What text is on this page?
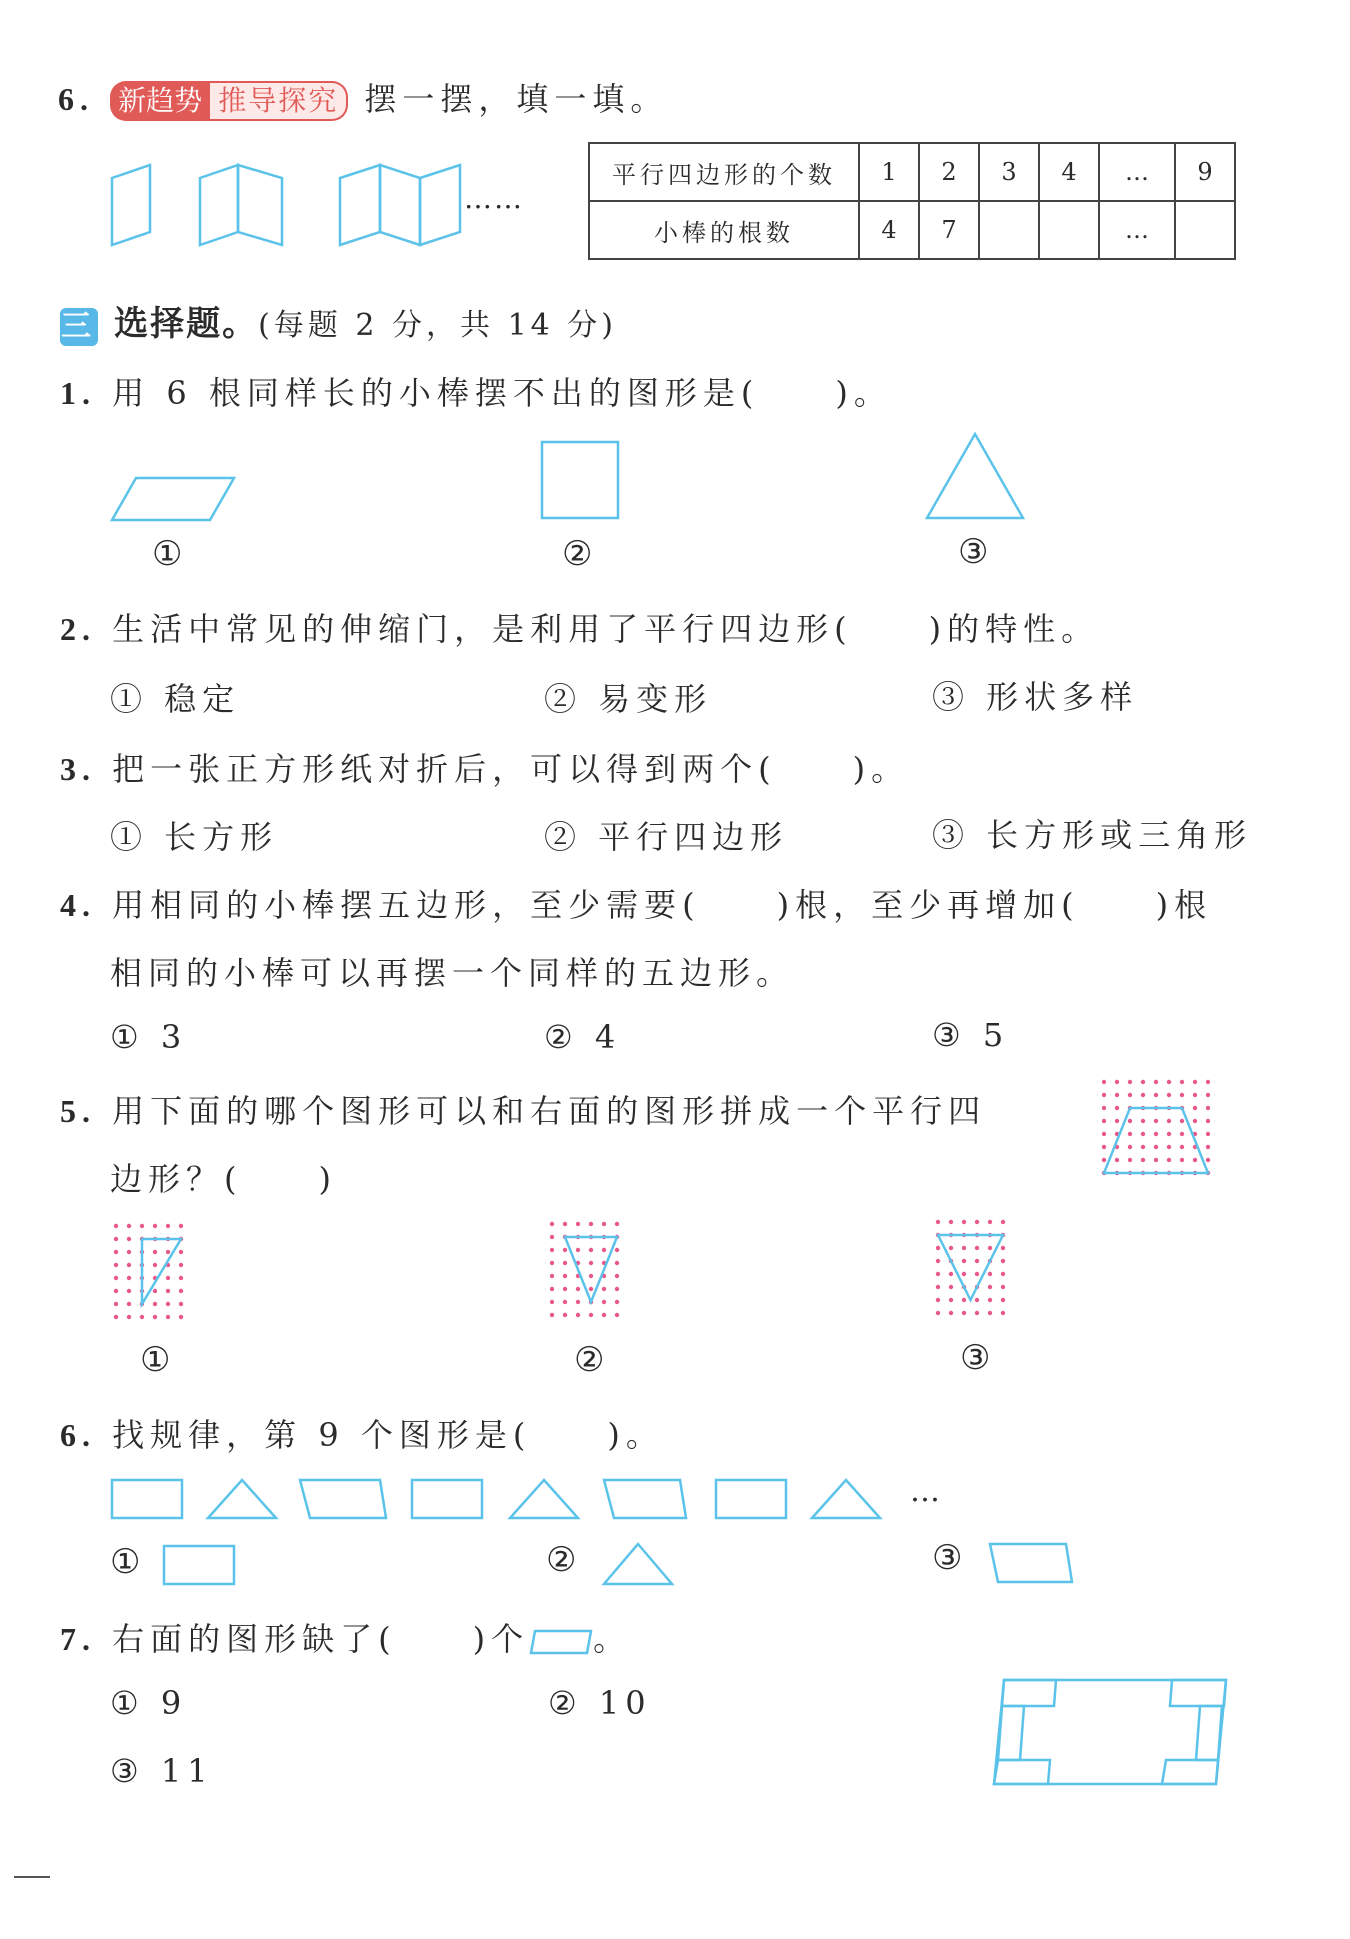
6. 新趋势 推导探究 摆一摆，填一填。
……
平行四边形的个数	1	2	3	4	…	9
小棒的根数	4	7			…	
三 选择题。(每题 2 分，共 14 分)
1. 用 6 根同样长的小棒摆不出的图形是(　　)。
①	②	③
2. 生活中常见的伸缩门，是利用了平行四边形(　　)的特性。
① 稳定	② 易变形	③ 形状多样
3. 把一张正方形纸对折后，可以得到两个(　　)。
① 长方形	② 平行四边形	③ 长方形或三角形
4. 用相同的小棒摆五边形，至少需要(　　)根，至少再增加(　　)根
相同的小棒可以再摆一个同样的五边形。
① 3	② 4	③ 5
5. 用下面的哪个图形可以和右面的图形拼成一个平行四
边形？(　　)
①	②	③
6. 找规律，第 9 个图形是(　　)。
…
①	②	③
7. 右面的图形缺了(　　)个 。
① 9	② 10
③ 11
